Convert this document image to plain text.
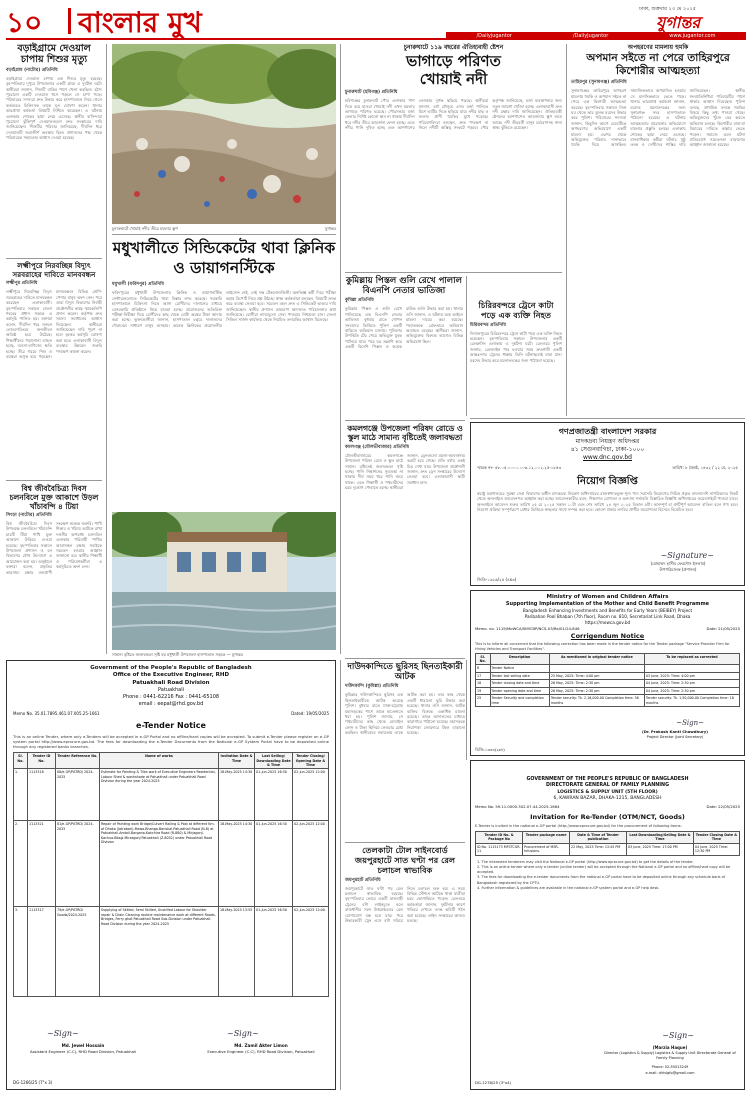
১০ বাংলার মুখ	ঢাকা, শুক্রবার ২৩ মে ২০২৫
যুগান্তর
/Dailyjugantor	/DailyJugantor	www.jugantor.com
বড়াইগ্রামে দেওয়াল চাপায় শিশুর মৃত্যু
বড়াইগ্রাম (নাটোর) প্রতিনিধি
বড়াইগ্রামে দেওয়াল চাপায় এক শিশুর মৃত্যু হয়েছে। বৃহস্পতিবার দুপুরে উপজেলার একটি গ্রামে এ দুর্ঘটনা ঘটে। স্থানীয়রা জানান, শিশুটি বাড়ির পাশে খেলা করছিল। হঠাৎ পুরোনো একটি দেওয়াল ধসে পড়লে সে চাপা পড়ে। পরিবারের সদস্যরা দ্রুত উদ্ধার করে হাসপাতালে নিয়ে গেলে কর্তব্যরত চিকিৎসক তাকে মৃত ঘোষণা করেন। থানার ভারপ্রাপ্ত কর্মকর্তা বিষয়টি নিশ্চিত করেছেন। এ ঘটনায় এলাকায় শোকের ছায়া নেমে এসেছে। স্থানীয় বাসিন্দারা পুরোনো ঝুঁকিপূর্ণ দেওয়ালগুলো দ্রুত সংস্কারের দাবি জানিয়েছেন। শিশুটির পরিবার জানিয়েছে, দীর্ঘদিন ধরে দেওয়ালটি জরাজীর্ণ অবস্থায় ছিল। প্রশাসনের পক্ষ থেকে পরিবারকে সহায়তার আশ্বাস দেওয়া হয়েছে।
লক্ষ্মীপুরে নিরবচ্ছিন্ন বিদ্যুৎ সরবরাহের দাবিতে মানববন্ধন
লক্ষ্মীপুর প্রতিনিধি
লক্ষ্মীপুরে নিরবচ্ছিন্ন বিদ্যুৎ সরবরাহের দাবিতে মানববন্ধন করেছেন এলাকাবাসী। বৃহস্পতিবার সকালে জেলা শহরের প্রধান সড়কে এ কর্মসূচি পালিত হয়। বক্তারা বলেন, দীর্ঘদিন ধরে ঘনঘন লোডশেডিংয়ে জনজীবন অতিষ্ঠ হয়ে উঠেছে। শিক্ষার্থীদের পড়াশোনা ব্যাহত হচ্ছে, ব্যবসা-বাণিজ্যে ক্ষতি হচ্ছে। তীব্র গরমে শিশু ও বয়স্করা অসুস্থ হয়ে পড়ছেন। মানববন্ধনে বিভিন্ন শ্রেণি-পেশার মানুষ অংশ নেন। পরে তারা বিদ্যুৎ বিভাগের নির্বাহী প্রকৌশলীর কাছে স্মারকলিপি প্রদান করেন। কর্তৃপক্ষ দ্রুত সমস্যা সমাধানের আশ্বাস দিয়েছেন। স্থানীয়রা জানিয়েছেন দাবি পূরণ না হলে বৃহত্তর কর্মসূচি ঘোষণা করা হবে। এলাকাবাসী বিদ্যুৎ ব্যবস্থার উন্নয়নে জরুরি পদক্ষেপ কামনা করেন।
বিশ্ব জীববৈচিত্র্য দিবস চলনবিলে মুক্ত আকাশে উড়ল খাঁচাবন্দি ৪ টিয়া
সিংড়া (নাটোর) প্রতিনিধি
বিশ্ব জীববৈচিত্র্য দিবস উপলক্ষে চলনবিলে খাঁচাবন্দি চারটি টিয়া পাখি মুক্ত আকাশে উড়িয়ে দেওয়া হয়েছে। বৃহস্পতিবার সকালে উপজেলা প্রশাসন ও বন বিভাগের যৌথ উদ্যোগে এ আয়োজন করা হয়। অনুষ্ঠানে বক্তারা বলেন, প্রকৃতির ভারসাম্য রক্ষায় বন্যপ্রাণী সংরক্ষণ অত্যন্ত জরুরি। পাখি শিকার ও খাঁচায় আটকে রাখা দণ্ডনীয় অপরাধ। চলনবিল এলাকায় পরিযায়ী পাখির আবাসস্থল রক্ষায় সবাইকে সচেতন হওয়ার আহ্বান জানানো হয়। স্থানীয় শিক্ষার্থী ও পরিবেশকর্মীরা এ কর্মসূচিতে অংশ নেন।
চুনারুঘাটে খোয়াই নদীর তীরে ময়লার স্তূপ	যুগান্তর
মধুখালীতে সিন্ডিকেটের থাবা ক্লিনিক ও ডায়াগনস্টিকে
মধুখালী (ফরিদপুর) প্রতিনিধি
ফরিদপুরের মধুখালী উপজেলায় ক্লিনিক ও ডায়াগনস্টিক সেন্টারগুলোতে সিন্ডিকেটের থাবা বিস্তার লাভ করেছে। সরকারি হাসপাতালে চিকিৎসা নিতে আসা রোগীদের দালালের মাধ্যমে বেসরকারি প্রতিষ্ঠানে নিয়ে যাওয়া হচ্ছে। প্রয়োজনের অতিরিক্ত পরীক্ষা-নিরীক্ষা দিয়ে রোগীদের কাছ থেকে মোটা অঙ্কের টাকা আদায় করা হচ্ছে। ভুক্তভোগীরা জানান, হাসপাতাল চত্বরে দালালদের দৌরাত্ম্যে সাধারণ মানুষ অসহায়। অনেক ক্লিনিকের প্রয়োজনীয় লাইসেন্স নেই, নেই দক্ষ টেকনোলজিস্ট। অনভিজ্ঞ কর্মী দিয়ে পরীক্ষা করায় রিপোর্ট নিয়ে প্রশ্ন উঠছে। স্বাস্থ্য কর্মকর্তারা বলছেন, বিষয়টি তদন্ত করে ব্যবস্থা নেওয়া হবে। সচেতন মহল দ্রুত এ সিন্ডিকেট ভাঙার দাবি জানিয়েছেন। স্থানীয় প্রশাসন ভ্রাম্যমাণ আদালত পরিচালনার কথা জানিয়েছে। রোগীরা ন্যায্যমূল্যে সেবা পাওয়ার নিশ্চয়তা চান। জেলা সিভিল সার্জন কার্যালয় থেকে নিয়মিত তদারকির আশ্বাস মিলেছে।
সামান্য বৃষ্টিতে জলাবদ্ধতা সৃষ্টি হয় মধুখালী উপজেলা হাসপাতাল সড়কে — যুগান্তর
চুনারুঘাটে ১১৯ বছরের ঐতিহ্যবাহী ষ্টেশন
ভাগাড়ে পরিণত
খোয়াই নদী
চুনারুঘাট (হবিগঞ্জ) প্রতিনিধি
হবিগঞ্জের চুনারুঘাট পৌর এলাকার পাশ দিয়ে বয়ে যাওয়া খোয়াই নদী এখন ময়লার ভাগাড়ে পরিণত হয়েছে। পৌরসভার বর্জ্য ফেলার নির্দিষ্ট কোনো স্থান না থাকায় দীর্ঘদিন ধরে নদীর তীরে আবর্জনা ফেলা হচ্ছে। এতে নদীর পানি দূষিত হচ্ছে এবং আশপাশের এলাকায় দুর্গন্ধ ছড়িয়ে পড়ছে। স্থানীয়রা জানান, বর্ষা মৌসুমে এসব বর্জ্য পানিতে মিশে ভাটির দিকে ছড়িয়ে যায়। নদীর মাছ ও জলজ প্রাণী হুমকির মুখে পড়েছে। পরিবেশবিদরা বলছেন, দ্রুত পদক্ষেপ না নিলে নদীটি অস্তিত্ব সংকটে পড়বে। পৌর কর্তৃপক্ষ জানিয়েছে, বর্জ্য ব্যবস্থাপনার জন্য নতুন জায়গা খোঁজা হচ্ছে। এলাকাবাসী দ্রুত নদী রক্ষার দাবি জানিয়েছেন। ঐতিহ্যবাহী ষ্টেশনের আশপাশেও আবর্জনার স্তূপ জমে আছে। নদী তীরবর্তী মানুষ চর্মরোগসহ নানা স্বাস্থ্য ঝুঁকিতে রয়েছেন।
কুমিল্লায় পিস্তল গুলি রেখে পালাল বিএনপি নেতার ভাতিজা
কুমিল্লা প্রতিনিধি
কুমিল্লায় পিস্তল ও গুলি রেখে পালিয়েছে এক বিএনপি নেতার ভাতিজা। বুধবার রাতে গোপন সংবাদের ভিত্তিতে পুলিশ একটি বাড়িতে অভিযান চালায়। পুলিশের উপস্থিতি টের পেয়ে অভিযুক্ত যুবক পালিয়ে যায়। পরে ঘর তল্লাশি করে একটি বিদেশি পিস্তল ও কয়েক রাউন্ড গুলি উদ্ধার করা হয়। থানার ওসি জানান, এ ঘটনায় অস্ত্র আইনে মামলা দায়ের করা হয়েছে। পলাতককে গ্রেফতারে অভিযান অব্যাহত রয়েছে। স্থানীয়রা জানান, অভিযুক্তের বিরুদ্ধে আগেও বিভিন্ন অভিযোগ ছিল।
চিরিরবন্দরে ট্রেনে কাটা পড়ে এক ব্যক্তি নিহত
চিরিরবন্দর প্রতিনিধি
দিনাজপুরের চিরিরবন্দরে ট্রেনে কাটা পড়ে এক ব্যক্তি নিহত হয়েছেন। বৃহস্পতিবার সকালে উপজেলার একটি রেলক্রসিং এলাকায় এ দুর্ঘটনা ঘটে। রেলওয়ে পুলিশ জানায়, রেললাইন পার হওয়ার সময় দ্রুতগামী একটি আন্তঃনগর ট্রেনের ধাক্কায় তিনি ঘটনাস্থলেই মারা যান। মরদেহ উদ্ধার করে ময়নাতদন্তের জন্য পাঠানো হয়েছে।
অপহরণের মামলায় হুমকি
অপমান সইতে না পেরে তাহিরপুরে কিশোরীর আত্মহত্যা
তাহিরপুর (সুনামগঞ্জ) প্রতিনিধি
সুনামগঞ্জের তাহিরপুরে অপহরণ মামলায় হুমকি ও অপমান সইতে না পেরে এক কিশোরী আত্মহত্যা করেছে। বৃহস্পতিবার সকালে নিজ ঘর থেকে তার ঝুলন্ত মরদেহ উদ্ধার করে পুলিশ। পরিবারের সদস্যরা জানান, কিছুদিন আগে মেয়েটিকে অপহরণের অভিযোগে একটি মামলা হয়। এরপর থেকে অভিযুক্তের পরিবার নানাভাবে হুমকি দিয়ে আসছিল। সামাজিকভাবে অপমানিত হওয়ায় সে মানসিকভাবে ভেঙে পড়ে। থানার ভারপ্রাপ্ত কর্মকর্তা জানান, মরদেহ ময়নাতদন্তের জন্য সুনামগঞ্জ সদর হাসপাতালে পাঠানো হয়েছে। এ ঘটনায় আত্মহত্যায় প্ররোচনার অভিযোগে মামলার প্রস্তুতি চলছে। এলাকায় শোকের ছায়া নেমে এসেছে। মানবাধিকার কর্মীরা ঘটনার সুষ্ঠু তদন্ত ও দোষীদের শাস্তির দাবি জানিয়েছেন। স্থানীয় জনপ্রতিনিধিরা পরিবারটির পাশে থাকার আশ্বাস দিয়েছেন। পুলিশ বলছে, প্রাথমিক তদন্তে হুমকির বিষয়ে কিছু তথ্য পাওয়া গেছে। অভিযুক্তদের খুঁজে বের করতে অভিযান চলছে। কিশোরীর বাবা-মা বিচারের দাবিতে কান্নায় ভেঙে পড়েন। সমাজে এমন ঘটনা প্রতিরোধে সচেতনতা বাড়ানোর আহ্বান জানানো হয়েছে।
গণপ্রজাতন্ত্রী বাংলাদেশ সরকার
মাদকদ্রব্য নিয়ন্ত্রণ অধিদপ্তর
৪১ সেগুনবাগিচা, ঢাকা-১০০০
www.dnc.gov.bd
স্মারক নং- ৫৮.০৫.০০০০.০০৬.১২.০০২.২৫-১৮৫৩	তারিখ: ৮ জ্যৈষ্ঠ, ১৪৩২ / ২২ মে, ২০২৫
নিয়োগ বিজ্ঞপ্তি
স্বরাষ্ট্র মন্ত্রণালয়ের সুরক্ষা সেবা বিভাগের অধীন মাদকদ্রব্য নিয়ন্ত্রণ অধিদপ্তরের রাজস্বখাতভুক্ত শূন্য পদে সরাসরি নিয়োগের নিমিত্ত প্রকৃত বাংলাদেশি নাগরিকদের নিকট থেকে অনলাইনে আবেদনপত্র আহ্বান করা হচ্ছে। আবেদনকারীর বয়স, শিক্ষাগত যোগ্যতা ও অন্যান্য শর্তাবলি বিস্তারিত বিজ্ঞপ্তি অধিদপ্তরের ওয়েবসাইটে পাওয়া যাবে। অনলাইনে আবেদন শুরুর তারিখ ২৫ মে ২০২৫ সকাল ১০টা এবং শেষ তারিখ ২৪ জুন ২০২৫ বিকাল ৫টা। অসম্পূর্ণ বা ত্রুটিপূর্ণ আবেদন বাতিল বলে গণ্য হবে। নিয়োগ প্রক্রিয়া সম্পূর্ণরূপে মেধার ভিত্তিতে স্বচ্ছতার সাথে সম্পন্ন করা হবে। কোনো প্রকার তদবির প্রার্থীর অযোগ্যতা হিসেবে বিবেচিত হবে।
~Signature~
(মোহাম্মদ হাসীব ফেরদৌস ইসলাম)
উপপরিচালক (প্রশাসন)
জিডি-১৩২৬/২৫ (৪x৩)
Ministry of Women and Children Affairs
Supporting Implementation of the Mother and Child Benefit Programme
Bangladesh Enhancing Investments and Benefits for Early Years (BEIBEY) Project
Paribahan Pool Bhaban (7th floor), Room no. 810, Secretariat Link Road, Dhaka
https://mowca.gov.bd
Memo. no. 1119/MoWCA/SIMCBP/NCS-03/Re/01/24-846	Date: 21/05/2025
Corrigendum Notice
This is to inform all concerned that the following correction has been made in the tender notice for the Tender package "Service Provider Firm for Hiring Vehicles and Transport Facilities".
Sl. No.	Description	As mentioned in original tender notice	To be replaced as corrected
8	Tender Notice		
17	Tender last selling date	25 May, 2025: Time: 4:00 pm	03 June, 2025: Time: 4:00 pm
18	Tender closing date and time	26 May, 2025: Time: 2:30 pm	04 June, 2025: Time: 2:30 pm
19	Tender opening date and time	26 May, 2025: Time: 2:30 pm	04 June, 2025: Time: 2:30 pm
25	Tender Security and completion time	Tender security: Tk. 2,16,000.00 Completion time: 36 months	Tender security: Tk. 1,50,000.00 Completion time: 18 months
~Sign~
(Dr. Prakash Kanti Chowdhury)
Project Director (Joint Secretary)
ডিজি-১৩৩৩(২x৪)
কমলগঞ্জে উপজেলা পরিষদ রোডে ও স্কুল মাঠে সামান্য বৃষ্টিতেই জলাবদ্ধতা
কমলগঞ্জ (মৌলভীবাজার) প্রতিনিধি
মৌলভীবাজারের কমলগঞ্জে উপজেলা পরিষদ রোড ও স্কুল মাঠে সামান্য বৃষ্টিতেই জলাবদ্ধতা সৃষ্টি হচ্ছে। পানি নিষ্কাশনের সুব্যবস্থা না থাকায় দীর্ঘ সময় ধরে পানি জমে থাকে। এতে শিক্ষার্থী ও পথচারীদের চরম দুর্ভোগ পোহাতে হচ্ছে। স্থানীয়রা জানান, ড্রেনগুলো ময়লা-আবর্জনায় ভরাট হয়ে গেছে। প্রতি বর্ষায় একই চিত্র দেখা যায়। উপজেলা প্রকৌশলী জানান, দ্রুত ড্রেন সংস্কারের উদ্যোগ নেওয়া হবে। এলাকাবাসী স্থায়ী সমাধান চান।
দাউদকান্দিতে ছুরিসহ ছিনতাইকারী আটক
দাউদকান্দি (কুমিল্লা) প্রতিনিধি
কুমিল্লার দাউদকান্দিতে ছুরিসহ এক ছিনতাইকারীকে আটক করেছে পুলিশ। বুধবার রাতে ঢাকা-চট্টগ্রাম মহাসড়কের পাশে তাকে হাতেনাতে ধরা হয়। পুলিশ জানায়, সে পথচারীদের কাছ থেকে মোবাইল ফোন ও টাকা ছিনিয়ে নেওয়ার চেষ্টা করছিল। স্থানীয়দের সহায়তায় তাকে আটক করা হয়। তার কাছ থেকে একটি ধারালো ছুরি উদ্ধার করা হয়েছে। থানার ওসি জানান, আটক ব্যক্তির বিরুদ্ধে একাধিক মামলা রয়েছে। তাকে আদালতের মাধ্যমে কারাগারে পাঠানো হয়েছে। মহাসড়কে নিরাপত্তা জোরদারে টহল বাড়ানো হয়েছে।
তেলকাটা টোল সাইনবোর্ড জয়পুরহাটে সাত ঘণ্টা পর রেল চলাচল স্বাভাবিক
জয়পুরহাট প্রতিনিধি
জয়পুরহাটে সাত ঘণ্টা পর রেল চলাচল স্বাভাবিক হয়েছে। বৃহস্পতিবার ভোরে একটি মালবাহী ট্রেনের বগি লাইনচ্যুত হলে রাজধানীর সঙ্গে উত্তরাঞ্চলের রেল যোগাযোগ বন্ধ হয়ে যায়। পরে উদ্ধারকারী ট্রেন এসে বগি সরিয়ে নিলে চলাচল শুরু হয়। এ সময় বিভিন্ন স্টেশনে আটকে থাকা যাত্রীরা চরম ভোগান্তিতে পড়েন। রেলওয়ে কর্মকর্তারা জানান, দুর্ঘটনার কারণ খতিয়ে দেখতে তদন্ত কমিটি গঠন করা হয়েছে। লাইন সংস্কারের কাজও চলছে।
Government of the People's Republic of Bangladesh
Office of the Executive Engineer, RHD
Patuakhali Road Division
Patuakhali
Phone : 0441-62216 Fax : 0441-65108
email : eepat@rhd.gov.bd
Memo No. 35.01.7895.461.07.005.25-1661	Dated: 19/05/2025
e-Tender Notice
This is an online Tender, where only e-Tenders will be accepted in e-GP Portal and no offline/hard copies will be accepted. To submit e-Tender please register on e-GP system portal http://www.eprocure.gov.bd. The fees for downloading the e-Tender Documents from the National e-GP System Portal have to be deposited online through any registered banks branches.
Sl. No.	Tender ID No.	Tender Reference No.	Name of works	Invitation Date & Time	Last Selling/ Downloading Date & Time	Tender Closing/ Opening Date & Time
1.	1113318	08/e-GP/PATRD/ 2024-2025	Estimate for Painting & Tiles work of Executive Engineers Residential, Labour Shed & washshade at Patuakhali under Patuakhali Road Division during the year 2024-2025	18-May-2025 14:30	01-Jun-2025 16:30	02-Jun-2025 12:00
2.	1113321	81/e-GP/PATRD/ 2024-2025	Repair of Painting work Bridge/Culvert Railing & Post at different Km. of Dhaka (Jatrabari)-Mawa-Bhanga-Barishal-Patuakhali Road (N-8) at Patuakhali-Amtoli-Bargana-Kakchira Road (R-880) & Mirjagonj-Kachua-Bilagi-Mirzagonj Patuakhali (Z-8052) under Patuakhali Road Division	18-May-2025 14:30	01-Jun-2025 16:30	02-Jun-2025 12:00
3.	1113317	79/e-GP/PATRD/ Goods/2024-2025	Supplying of Skilled, Semi Skilled, Unskilled Labour for Shoulder repair & Drain Cleaning routine maintenance work at different Roads, Bridges, Ferry ghat Patuakhali Road Sub-Division under Patuakhali Road Division during the year 2024-2025	18-May-2025 13:55	01-Jun-2025 16:30	02-Jun-2025 12:00
~Sign~	~Sign~
Md. Jewel Hossain
Assistant Engineer (C.C), RHD Road Division, Patuakhali
Md. Zamil Akter Limon
Executive Engineer (C.C), RHD Road Division, Patuakhali
DG-1266/25 (7"x 3)
GOVERNMENT OF THE PEOPLE'S REPUBLIC OF BANGLADESH
DIRECTORATE GENERAL OF FAMILY PLANNING
LOGISTICS & SUPPLY UNIT (5TH FLOOR)
6, KAWRAN BAZAR, DHAKA-1215, BANGLADESH
Memo No. 59.11.0000.302.07.44.2025-1664	Date: 22/05/2025
Invitation for Re-Tender (OTM/NCT, Goods)
E-Tender is invited in the national e-GP portal (http://www.eprocure.gov.bd) for the procurement of following items:
Tender ID No. & Package No	Tender package name	Date & Time of Tender publication	Last Downloading/Selling Date & Time	Tender Closing Date & Time
ID No. 1115173 MFSTCGR-11	Procurement of MSR-Infusions.	22 May, 2025 Time: 13:45 PM	03 June, 2025 Time: 17:00 PM	04 June, 2025 Time: 12:30 PM
1. The interested tenderers may visit the National e-GP portal (http://www.eprocure.gov.bd) to get the details of the tender.
2. This is an online tender where only e-tender (online tender) will be accepted through the National e-GP portal and no offline/hard copy will be accepted.
3. The fees for downloading the e-tender documents from the national e-GP portal have to be deposited online through any schedule bank of Bangladesh registered by the CPTU.
4. Further information & guidelines are available in the national e-GP system portal and e-GP help desk.
~Sign~
(Marzia Haque)
Director (Logistics & Supply) Logistics & Supply Unit Directorate General of Family Planning
Phone: 02-55013249
e-mail: dirlslgfp@gmail.com
DG-1278/25 (3"x4)
